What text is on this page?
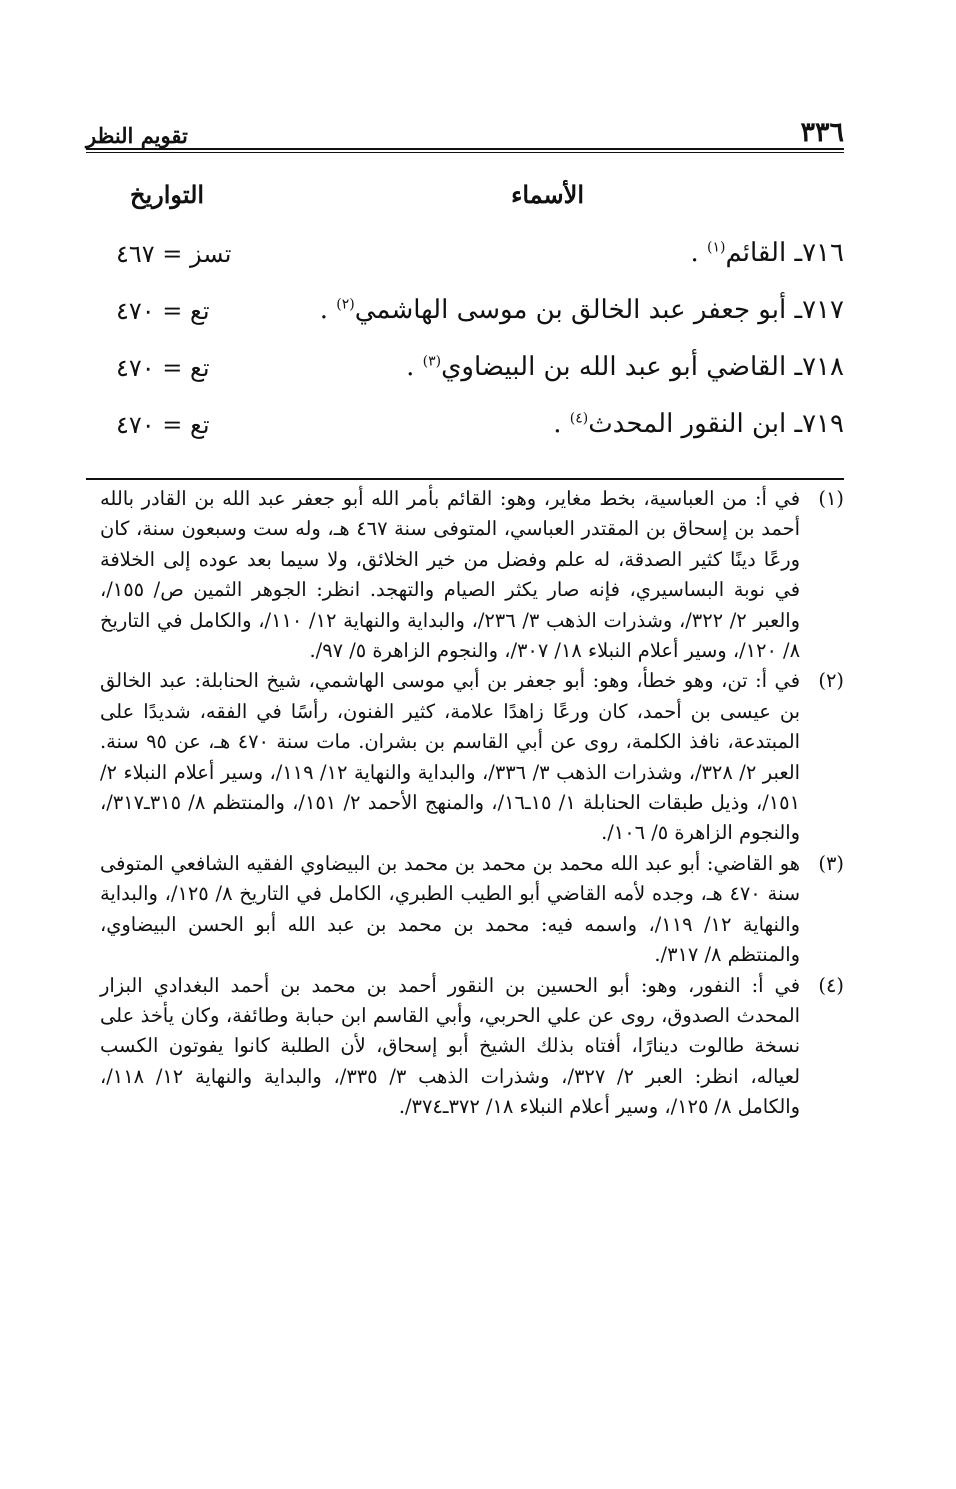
٣٣٦
تقويم النظر
الأسماء
التواريخ
٧١٦ـ القائم$^{(١)}$ .
تسز = ٤٦٧
٧١٧ـ أبو جعفر عبد الخالق بن موسى الهاشمي$^{(٢)}$ .
تع = ٤٧٠
٧١٨ـ القاضي أبو عبد الله بن البيضاوي$^{(٣)}$ .
تع = ٤٧٠
٧١٩ـ ابن النقور المحدث$^{(٤)}$ .
تع = ٤٧٠
(١)
في أ: من العباسية، بخط مغاير، وهو: القائم بأمر الله أبو جعفر عبد الله بن القادر بالله أحمد بن إسحاق بن المقتدر العباسي، المتوفى سنة ٤٦٧ هـ، وله ست وسبعون سنة، كان ورعًا دينًا كثير الصدقة، له علم وفضل من خير الخلائق، ولا سيما بعد عوده إلى الخلافة في نوبة البساسيري، فإنه صار يكثر الصيام والتهجد. انظر: الجوهر الثمين ص/ ١٥٥/، والعبر ٢/ ٣٢٢/، وشذرات الذهب ٣/ ٢٣٦/، والبداية والنهاية ١٢/ ١١٠/، والكامل في التاريخ ٨/ ١٢٠/، وسير أعلام النبلاء ١٨/ ٣٠٧/، والنجوم الزاهرة ٥/ ٩٧/.
(٢)
في أ: تن، وهو خطأ، وهو: أبو جعفر بن أبي موسى الهاشمي، شيخ الحنابلة: عبد الخالق بن عيسى بن أحمد، كان ورعًا زاهدًا علامة، كثير الفنون، رأسًا في الفقه، شديدًا على المبتدعة، نافذ الكلمة، روى عن أبي القاسم بن بشران. مات سنة ٤٧٠ هـ، عن ٩٥ سنة. العبر ٢/ ٣٢٨/، وشذرات الذهب ٣/ ٣٣٦/، والبداية والنهاية ١٢/ ١١٩/، وسير أعلام النبلاء ٢/ ١٥١/، وذيل طبقات الحنابلة ١/ ١٥ـ١٦/، والمنهج الأحمد ٢/ ١٥١/، والمنتظم ٨/ ٣١٥ـ٣١٧/، والنجوم الزاهرة ٥/ ١٠٦/.
(٣)
هو القاضي: أبو عبد الله محمد بن محمد بن محمد بن البيضاوي الفقيه الشافعي المتوفى سنة ٤٧٠ هـ، وجده لأمه القاضي أبو الطيب الطبري، الكامل في التاريخ ٨/ ١٢٥/، والبداية والنهاية ١٢/ ١١٩/، واسمه فيه: محمد بن محمد بن عبد الله أبو الحسن البيضاوي، والمنتظم ٨/ ٣١٧/.
(٤)
في أ: النفور، وهو: أبو الحسين بن النقور أحمد بن محمد بن أحمد البغدادي البزار المحدث الصدوق، روى عن علي الحربي، وأبي القاسم ابن حبابة وطائفة، وكان يأخذ على نسخة طالوت دينارًا، أفتاه بذلك الشيخ أبو إسحاق، لأن الطلبة كانوا يفوتون الكسب لعياله، انظر: العبر ٢/ ٣٢٧/، وشذرات الذهب ٣/ ٣٣٥/، والبداية والنهاية ١٢/ ١١٨/، والكامل ٨/ ١٢٥/، وسير أعلام النبلاء ١٨/ ٣٧٢ـ٣٧٤/.
